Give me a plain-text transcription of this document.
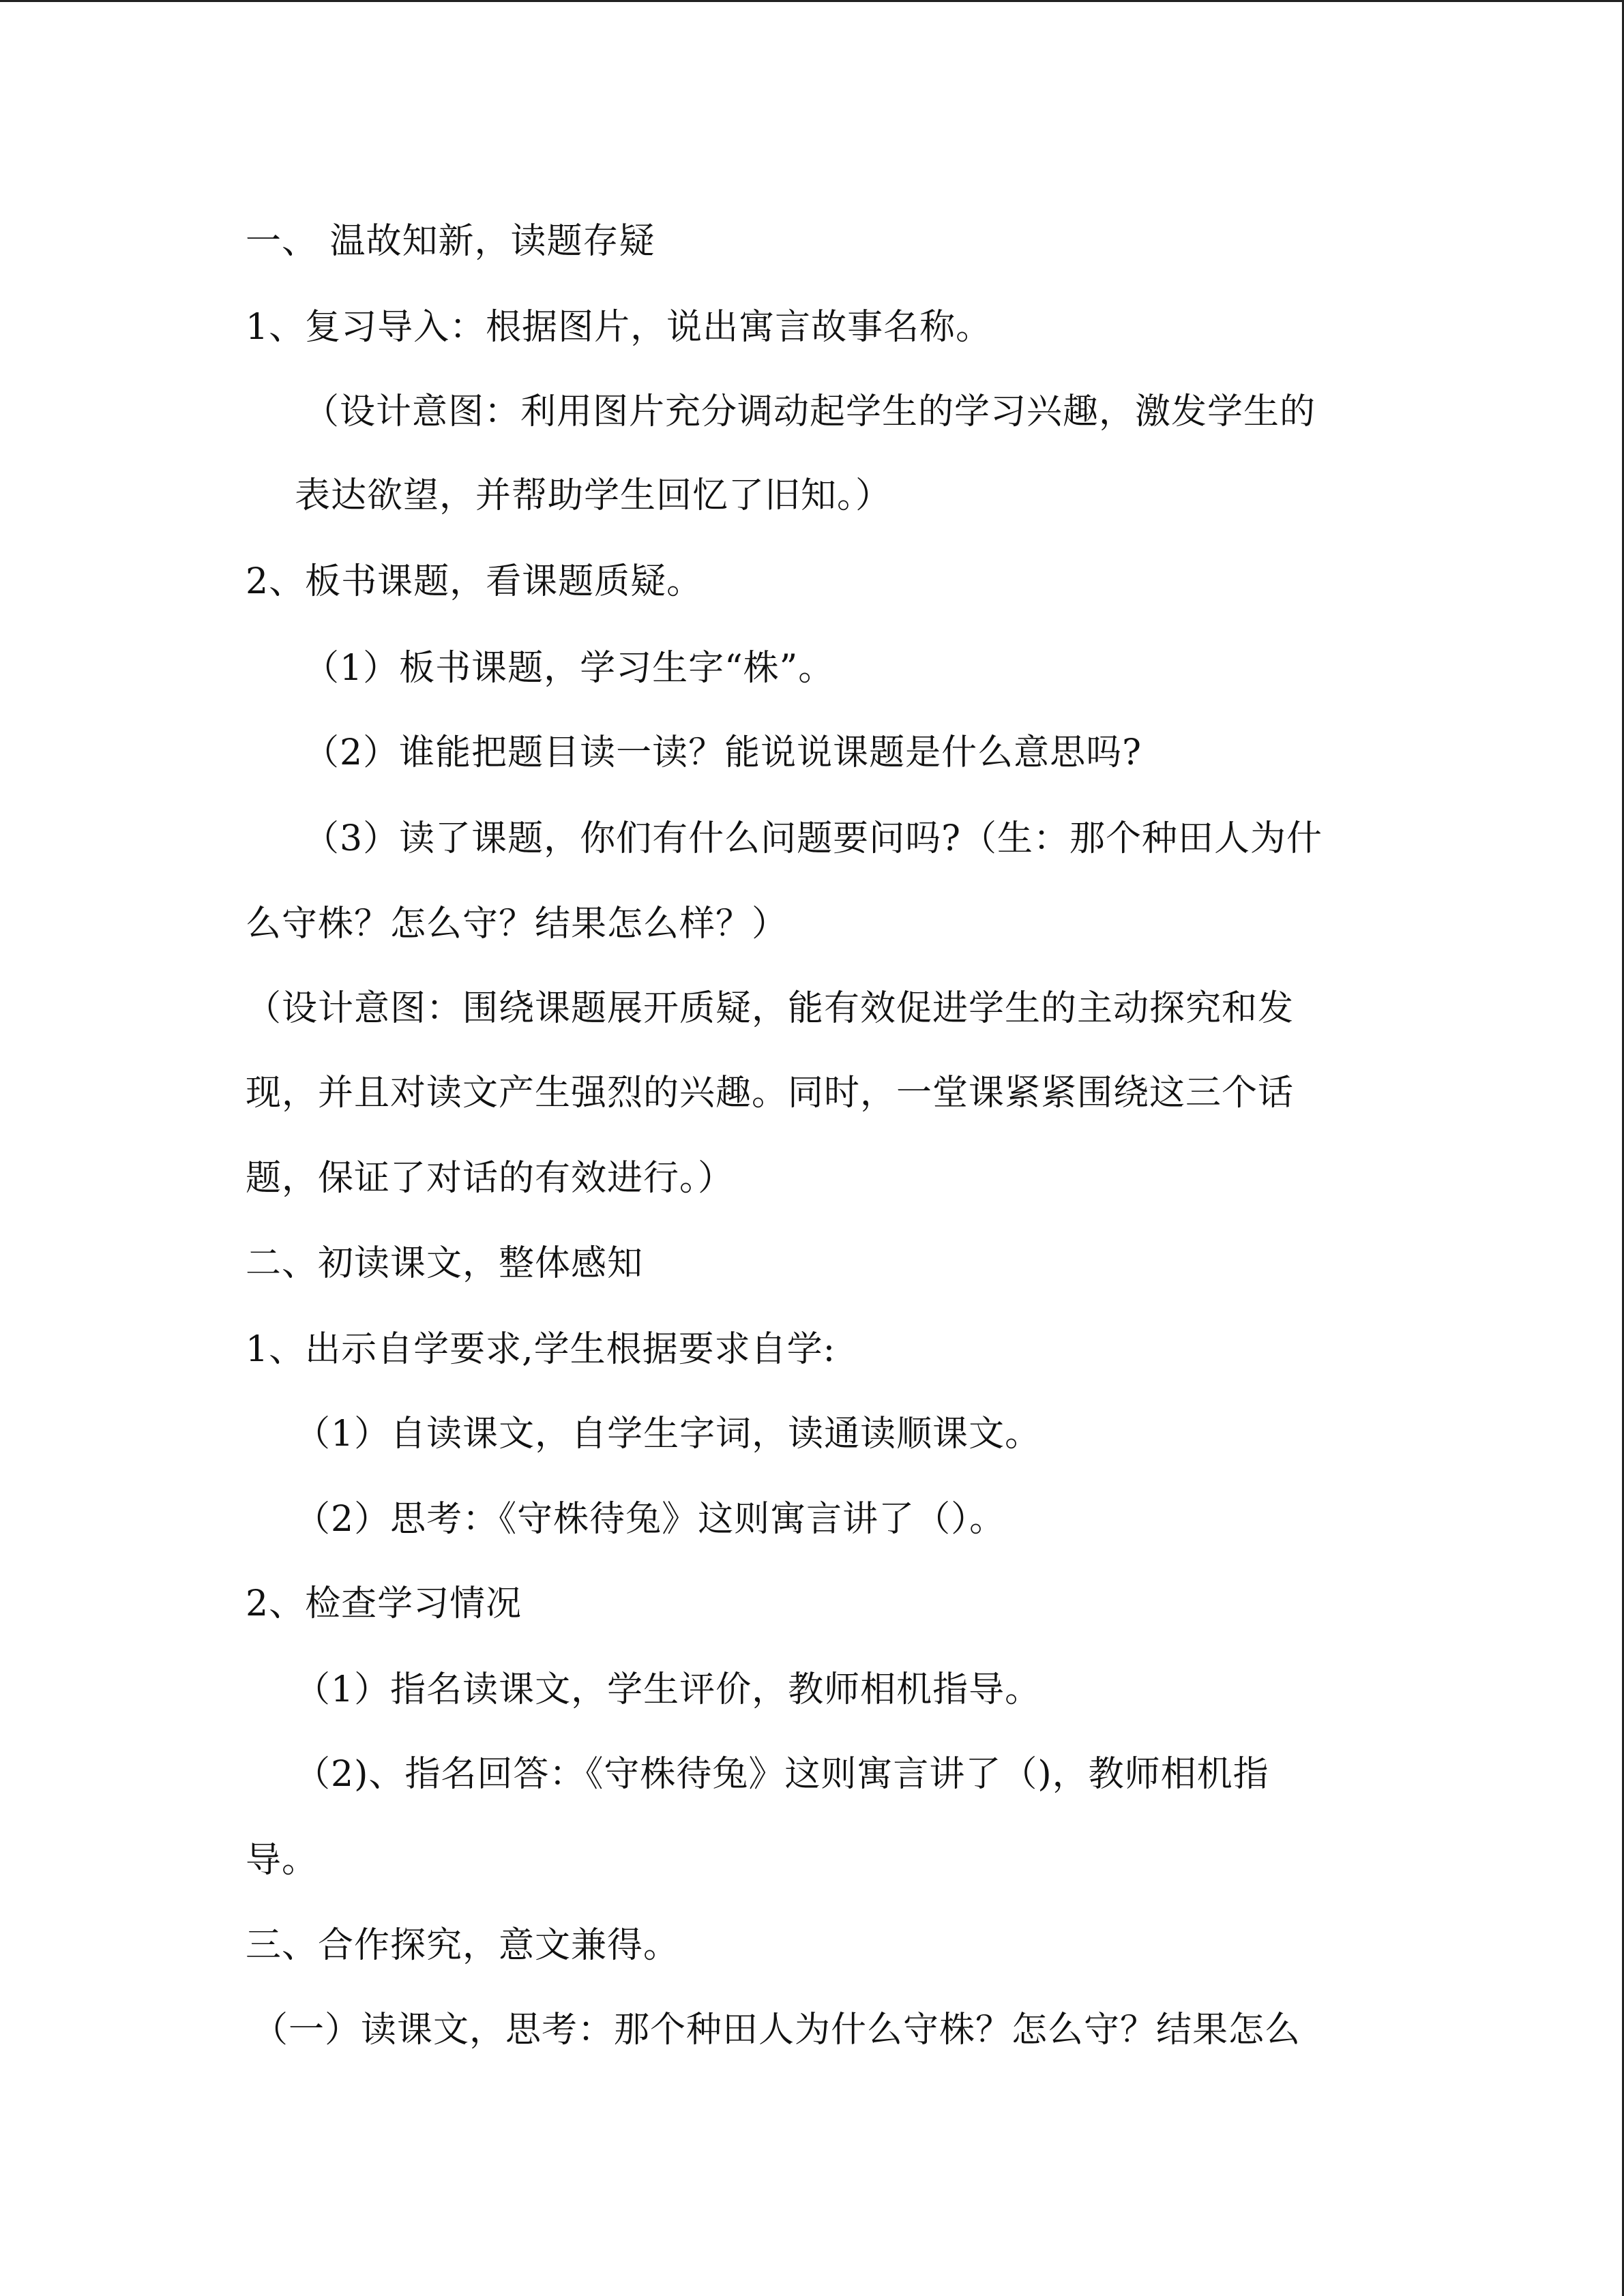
一、 温故知新，读题存疑
1、复习导入：根据图片，说出寓言故事名称。
（设计意图：利用图片充分调动起学生的学习兴趣，激发学生的
表达欲望，并帮助学生回忆了旧知。）
2、板书课题，看课题质疑。
（1）板书课题，学习生字“株”。
（2）谁能把题目读一读？能说说课题是什么意思吗?
（3）读了课题，你们有什么问题要问吗?（生：那个种田人为什
么守株？怎么守？结果怎么样？）
（设计意图：围绕课题展开质疑，能有效促进学生的主动探究和发
现，并且对读文产生强烈的兴趣。同时，一堂课紧紧围绕这三个话
题，保证了对话的有效进行。）
二、初读课文，整体感知
1、出示自学要求,学生根据要求自学:
（1）自读课文，自学生字词，读通读顺课文。
（2）思考：《守株待兔》这则寓言讲了（）。
2、检查学习情况
（1）指名读课文，学生评价，教师相机指导。
（2)、指名回答：《守株待兔》这则寓言讲了（)，教师相机指
导。
三、合作探究，意文兼得。
（一）读课文，思考：那个种田人为什么守株？怎么守？结果怎么
